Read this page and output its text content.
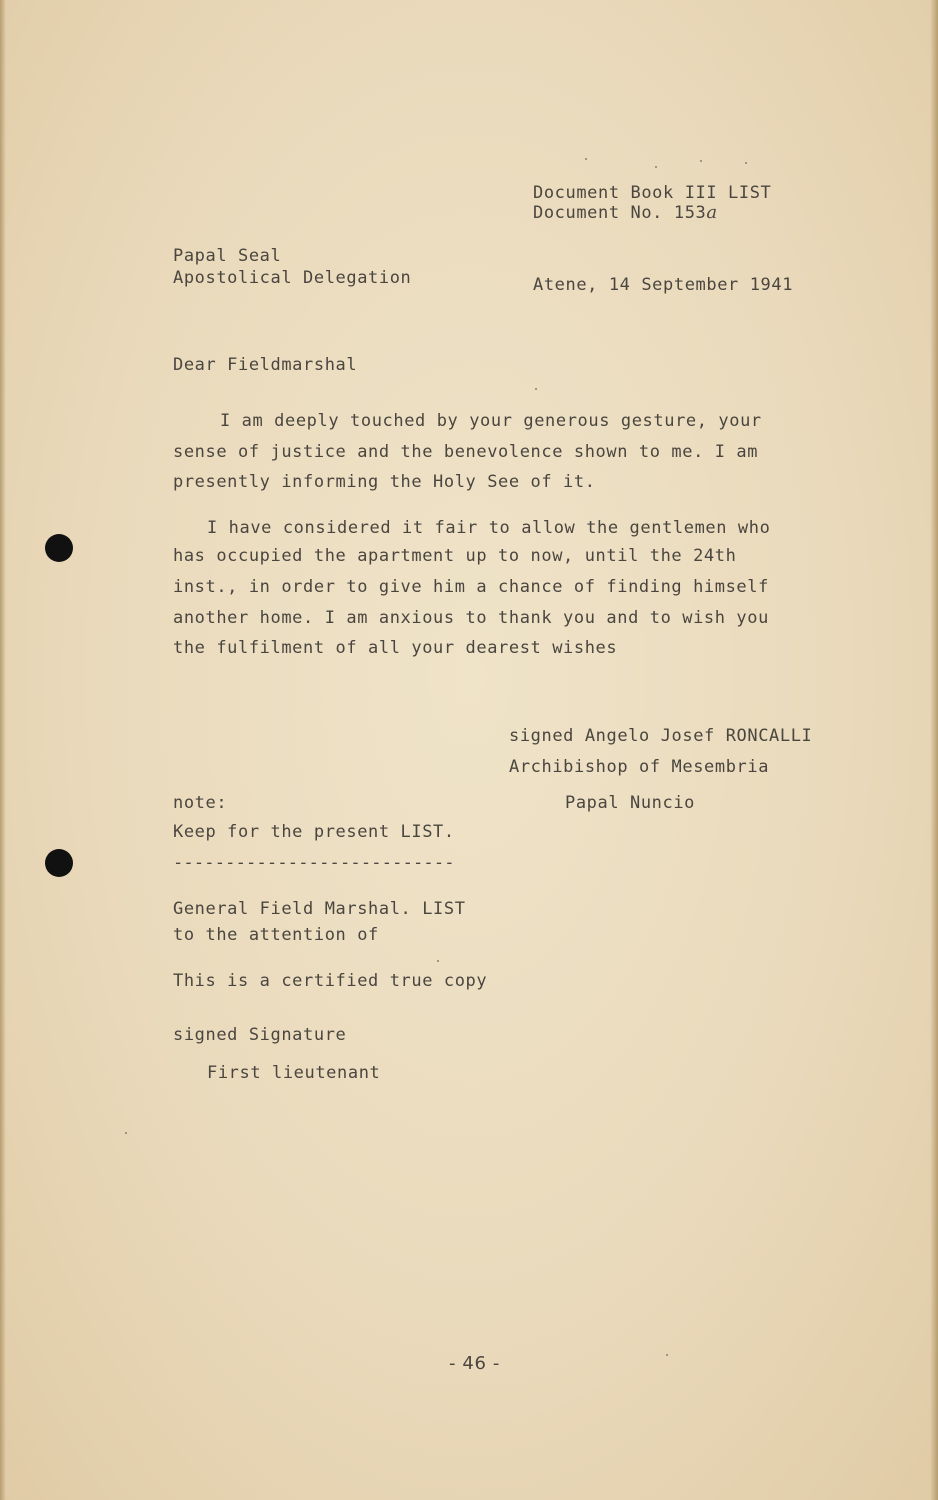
Document Book III LIST
Document No. 153a
Papal Seal
Apostolical Delegation	Atene, 14 September 1941
Dear Fieldmarshal
I am deeply touched by your generous gesture, your
sense of justice and the benevolence shown to me. I am
presently informing the Holy See of it.
I have considered it fair to allow the gentlemen who
has occupied the apartment up to now, until the 24th
inst., in order to give him a chance of finding himself
another home. I am anxious to thank you and to wish you
the fulfilment of all your dearest wishes
signed Angelo Josef RONCALLI
Archibishop of Mesembria
Papal Nuncio
note:
Keep for the present LIST.
---------------------------
General Field Marshal. LIST
to the attention of
This is a certified true copy
signed Signature
First lieutenant
- 46 -
